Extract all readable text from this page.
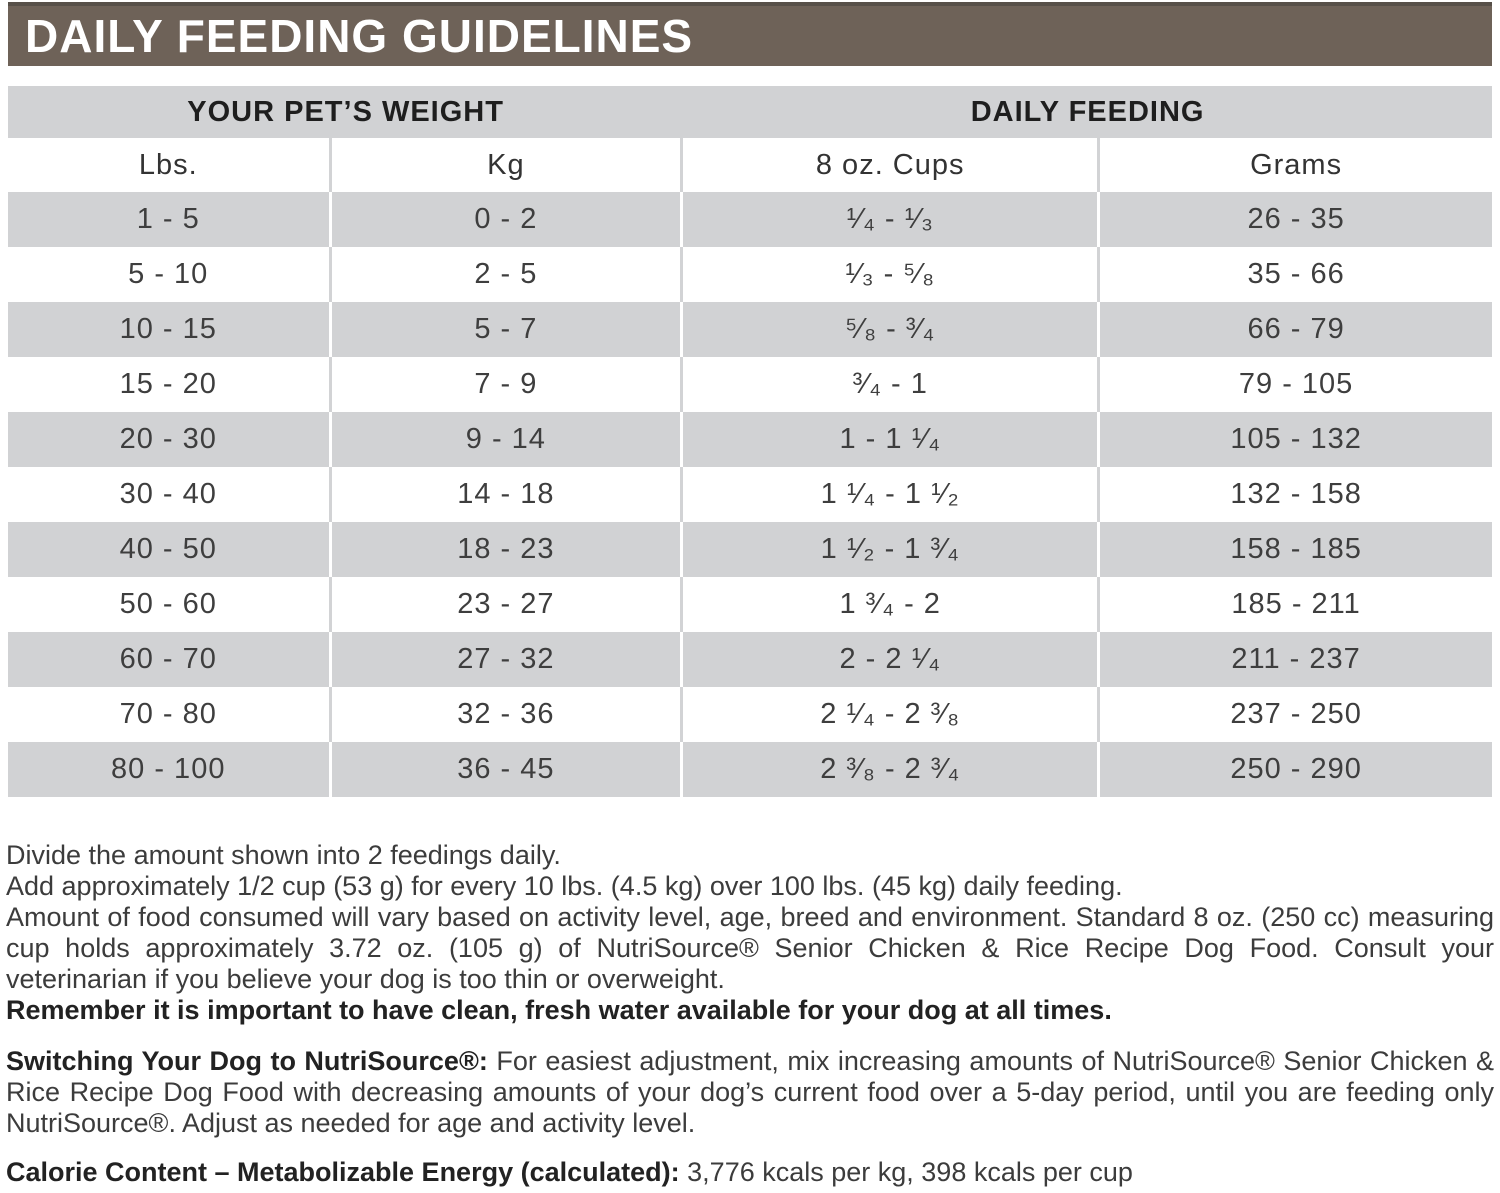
DAILY FEEDING GUIDELINES
YOUR PET’S WEIGHT	DAILY FEEDING
Lbs.	Kg	8 oz. Cups	Grams
1 - 5	0 - 2	¹⁄₄ - ¹⁄₃	26 - 35
5 - 10	2 - 5	¹⁄₃ - ⁵⁄₈	35 - 66
10 - 15	5 - 7	⁵⁄₈ - ³⁄₄	66 - 79
15 - 20	7 - 9	³⁄₄ - 1	79 - 105
20 - 30	9 - 14	1 - 1 ¹⁄₄	105 - 132
30 - 40	14 - 18	1 ¹⁄₄ - 1 ¹⁄₂	132 - 158
40 - 50	18 - 23	1 ¹⁄₂ - 1 ³⁄₄	158 - 185
50 - 60	23 - 27	1 ³⁄₄ - 2	185 - 211
60 - 70	27 - 32	2 - 2 ¹⁄₄	211 - 237
70 - 80	32 - 36	2 ¹⁄₄ - 2 ³⁄₈	237 - 250
80 - 100	36 - 45	2 ³⁄₈ - 2 ³⁄₄	250 - 290

Divide the amount shown into 2 feedings daily.

Add approximately 1/2 cup (53 g) for every 10 lbs. (4.5 kg) over 100 lbs. (45 kg) daily feeding.

Amount of food consumed will vary based on activity level, age, breed and environment. Standard 8 oz. (250 cc) measuring cup holds approximately 3.72 oz. (105 g) of NutriSource® Senior Chicken & Rice Recipe Dog Food. Consult your veterinarian if you believe your dog is too thin or overweight.

Remember it is important to have clean, fresh water available for your dog at all times.

Switching Your Dog to NutriSource®: For easiest adjustment, mix increasing amounts of NutriSource® Senior Chicken & Rice Recipe Dog Food with decreasing amounts of your dog’s current food over a 5-day period, until you are feeding only NutriSource®. Adjust as needed for age and activity level.

Calorie Content – Metabolizable Energy (calculated): 3,776 kcals per kg, 398 kcals per cup
